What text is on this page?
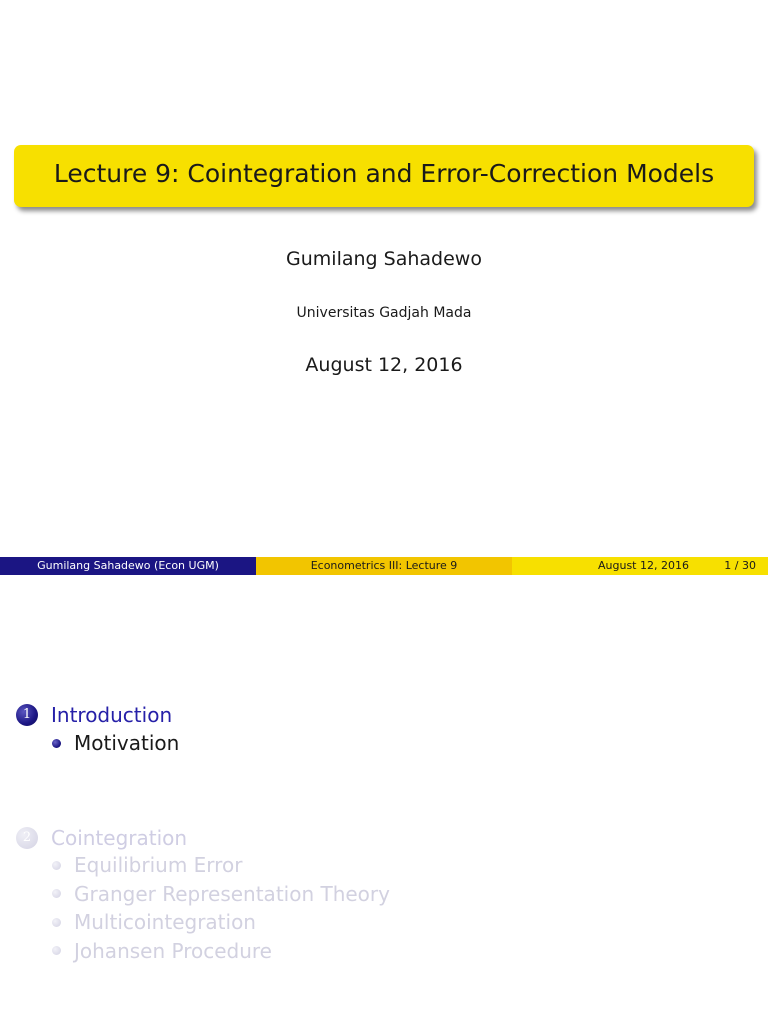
Lecture 9: Cointegration and Error-Correction Models
Gumilang Sahadewo
Universitas Gadjah Mada
August 12, 2016
Gumilang Sahadewo (Econ UGM)	Econometrics III: Lecture 9	August 12, 2016	1 / 30
1 Introduction
Motivation
2 Cointegration
Equilibrium Error
Granger Representation Theory
Multicointegration
Johansen Procedure
